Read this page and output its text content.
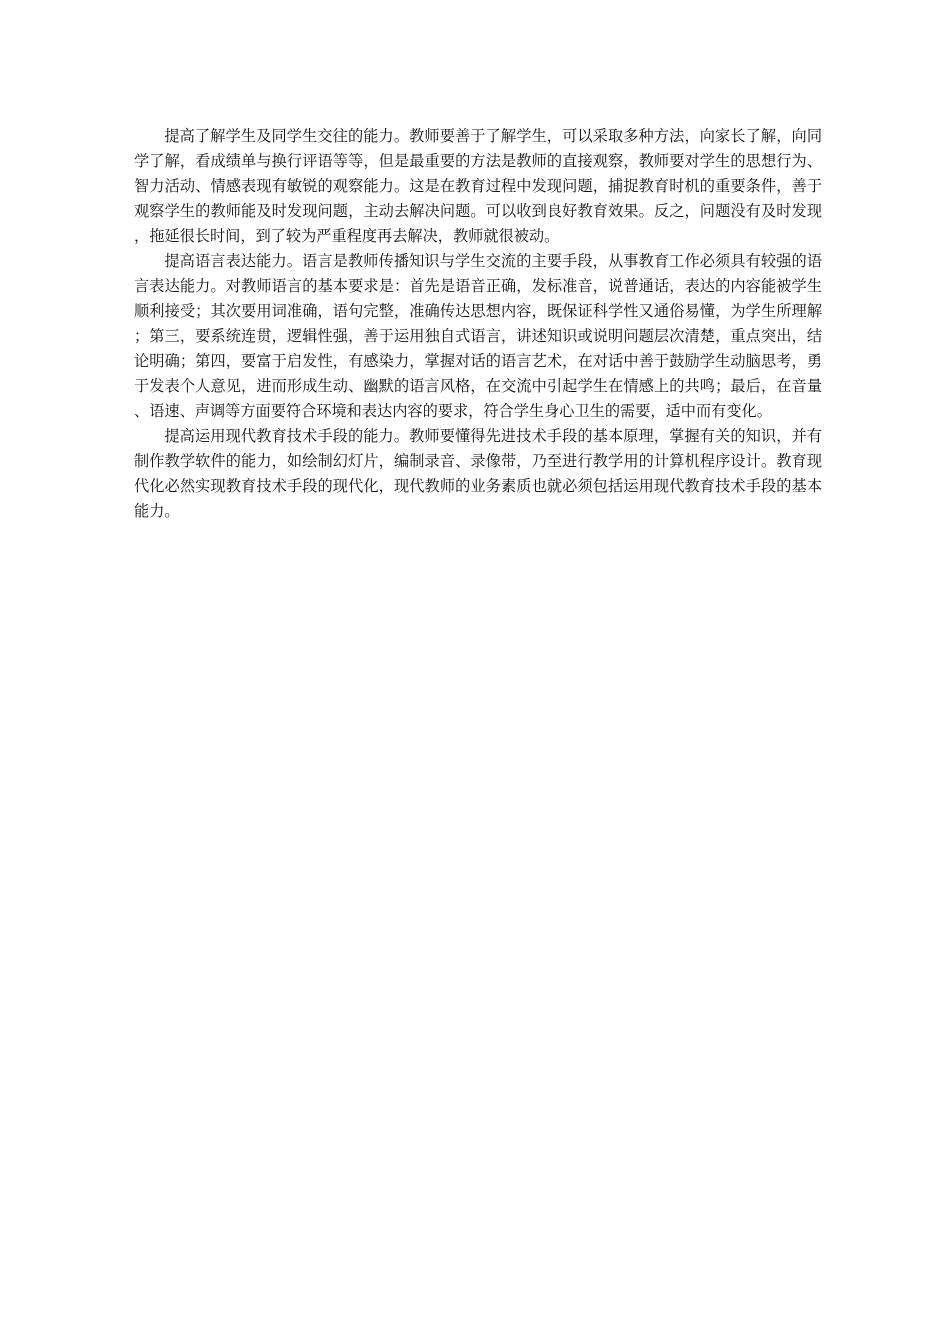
提高了解学生及同学生交往的能力。教师要善于了解学生，可以采取多种方法，向家长了解，向同学了解，看成绩单与换行评语等等，但是最重要的方法是教师的直接观察，教师要对学生的思想行为、智力活动、情感表现有敏锐的观察能力。这是在教育过程中发现问题，捕捉教育时机的重要条件，善于观察学生的教师能及时发现问题，主动去解决问题。可以收到良好教育效果。反之，问题没有及时发现，拖延很长时间，到了较为严重程度再去解决，教师就很被动。

提高语言表达能力。语言是教师传播知识与学生交流的主要手段，从事教育工作必须具有较强的语言表达能力。对教师语言的基本要求是：首先是语音正确，发标准音，说普通话，表达的内容能被学生顺利接受；其次要用词准确，语句完整，准确传达思想内容，既保证科学性又通俗易懂，为学生所理解；第三，要系统连贯，逻辑性强，善于运用独自式语言，讲述知识或说明问题层次清楚，重点突出，结论明确；第四，要富于启发性，有感染力，掌握对话的语言艺术，在对话中善于鼓励学生动脑思考，勇于发表个人意见，进而形成生动、幽默的语言风格，在交流中引起学生在情感上的共鸣；最后，在音量、语速、声调等方面要符合环境和表达内容的要求，符合学生身心卫生的需要，适中而有变化。

提高运用现代教育技术手段的能力。教师要懂得先进技术手段的基本原理，掌握有关的知识，并有制作教学软件的能力，如绘制幻灯片，编制录音、录像带，乃至进行教学用的计算机程序设计。教育现代化必然实现教育技术手段的现代化，现代教师的业务素质也就必须包括运用现代教育技术手段的基本能力。
